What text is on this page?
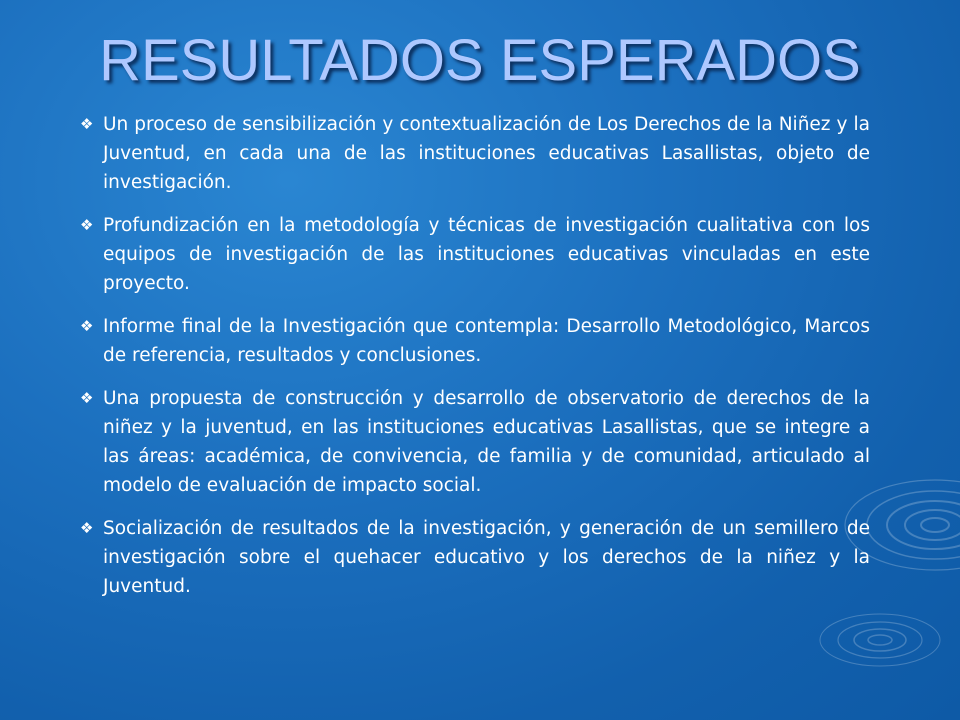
RESULTADOS ESPERADOS
❖ Un proceso de sensibilización y contextualización de Los Derechos de la Niñez y la Juventud, en cada una de las instituciones educativas Lasallistas, objeto de investigación.
❖ Profundización en la metodología y técnicas de investigación cualitativa con los equipos de investigación de las instituciones educativas vinculadas en este proyecto.
❖ Informe final de la Investigación que contempla: Desarrollo Metodológico, Marcos de referencia, resultados y conclusiones.
❖ Una propuesta de construcción y desarrollo de observatorio de derechos de la niñez y la juventud, en las instituciones educativas Lasallistas, que se integre a las áreas: académica, de convivencia, de familia y de comunidad, articulado al modelo de evaluación de impacto social.
❖ Socialización de resultados de la investigación, y generación de un semillero de investigación sobre el quehacer educativo y los derechos de la niñez y la Juventud.
